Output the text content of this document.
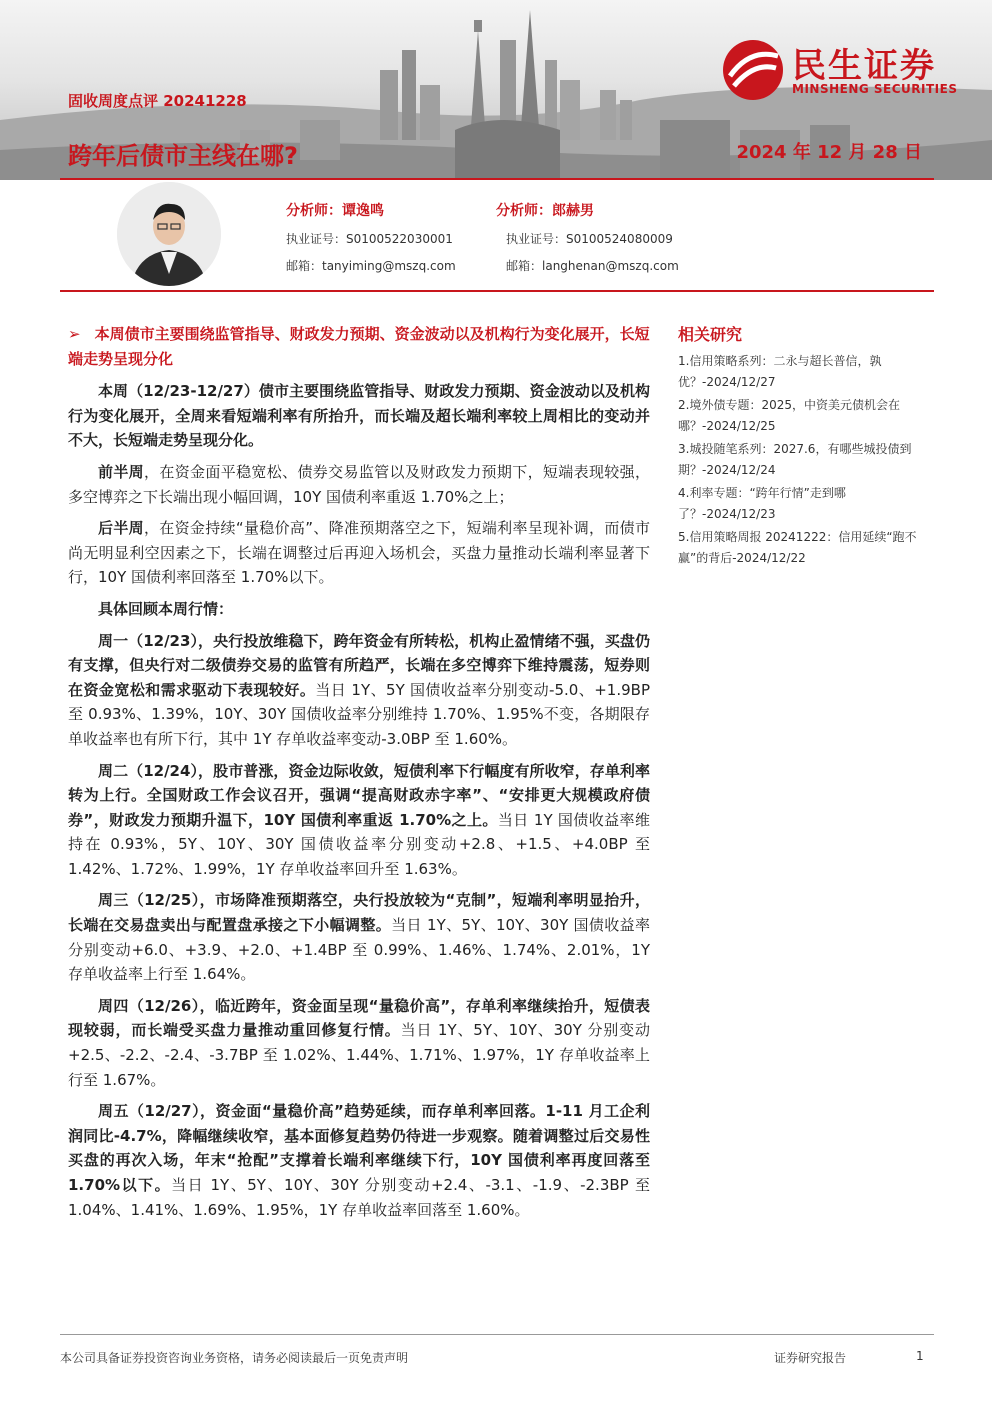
民生证券
MINSHENG SECURITIES
固收周度点评 20241228
跨年后债市主线在哪?	2024 年 12 月 28 日
分析师：谭逸鸣
执业证号：S0100522030001
邮箱：tanyiming@mszq.com
分析师：郎赫男
执业证号：S0100524080009
邮箱：langhenan@mszq.com
➢ 本周债市主要围绕监管指导、财政发力预期、资金波动以及机构行为变化展开，长短端走势呈现分化

本周（12/23-12/27）债市主要围绕监管指导、财政发力预期、资金波动以及机构行为变化展开，全周来看短端利率有所抬升，而长端及超长端利率较上周相比的变动并不大，长短端走势呈现分化。

前半周，在资金面平稳宽松、债券交易监管以及财政发力预期下，短端表现较强，多空博弈之下长端出现小幅回调，10Y 国债利率重返 1.70%之上；

后半周，在资金持续“量稳价高”、降准预期落空之下，短端利率呈现补调，而债市尚无明显利空因素之下，长端在调整过后再迎入场机会，买盘力量推动长端利率显著下行，10Y 国债利率回落至 1.70%以下。

具体回顾本周行情：

周一（12/23），央行投放维稳下，跨年资金有所转松，机构止盈情绪不强，买盘仍有支撑，但央行对二级债券交易的监管有所趋严，长端在多空博弈下维持震荡，短券则在资金宽松和需求驱动下表现较好。当日 1Y、5Y 国债收益率分别变动-5.0、+1.9BP 至 0.93%、1.39%，10Y、30Y 国债收益率分别维持 1.70%、1.95%不变，各期限存单收益率也有所下行，其中 1Y 存单收益率变动-3.0BP 至 1.60%。

周二（12/24），股市普涨，资金边际收敛，短债利率下行幅度有所收窄，存单利率转为上行。全国财政工作会议召开，强调“提高财政赤字率”、“安排更大规模政府债券”，财政发力预期升温下，10Y 国债利率重返 1.70%之上。当日 1Y 国债收益率维持在 0.93%，5Y、10Y、30Y 国债收益率分别变动+2.8、+1.5、+4.0BP 至 1.42%、1.72%、1.99%，1Y 存单收益率回升至 1.63%。

周三（12/25），市场降准预期落空，央行投放较为“克制”，短端利率明显抬升，长端在交易盘卖出与配置盘承接之下小幅调整。当日 1Y、5Y、10Y、30Y 国债收益率分别变动+6.0、+3.9、+2.0、+1.4BP 至 0.99%、1.46%、1.74%、2.01%，1Y 存单收益率上行至 1.64%。

周四（12/26），临近跨年，资金面呈现“量稳价高”，存单利率继续抬升，短债表现较弱，而长端受买盘力量推动重回修复行情。当日 1Y、5Y、10Y、30Y 分别变动+2.5、-2.2、-2.4、-3.7BP 至 1.02%、1.44%、1.71%、1.97%，1Y 存单收益率上行至 1.67%。

周五（12/27），资金面“量稳价高”趋势延续，而存单利率回落。1-11 月工企利润同比-4.7%，降幅继续收窄，基本面修复趋势仍待进一步观察。随着调整过后交易性买盘的再次入场，年末“抢配”支撑着长端利率继续下行，10Y 国债利率再度回落至 1.70%以下。当日 1Y、5Y、10Y、30Y 分别变动+2.4、-3.1、-1.9、-2.3BP 至 1.04%、1.41%、1.69%、1.95%，1Y 存单收益率回落至 1.60%。

相关研究
1.信用策略系列：二永与超长普信，孰优？-2024/12/27
2.境外债专题：2025，中资美元债机会在哪？-2024/12/25
3.城投随笔系列：2027.6，有哪些城投债到期？-2024/12/24
4.利率专题：“跨年行情”走到哪了？-2024/12/23
5.信用策略周报 20241222：信用延续“跑不赢”的背后-2024/12/22
本公司具备证券投资咨询业务资格，请务必阅读最后一页免责声明	证券研究报告	1
